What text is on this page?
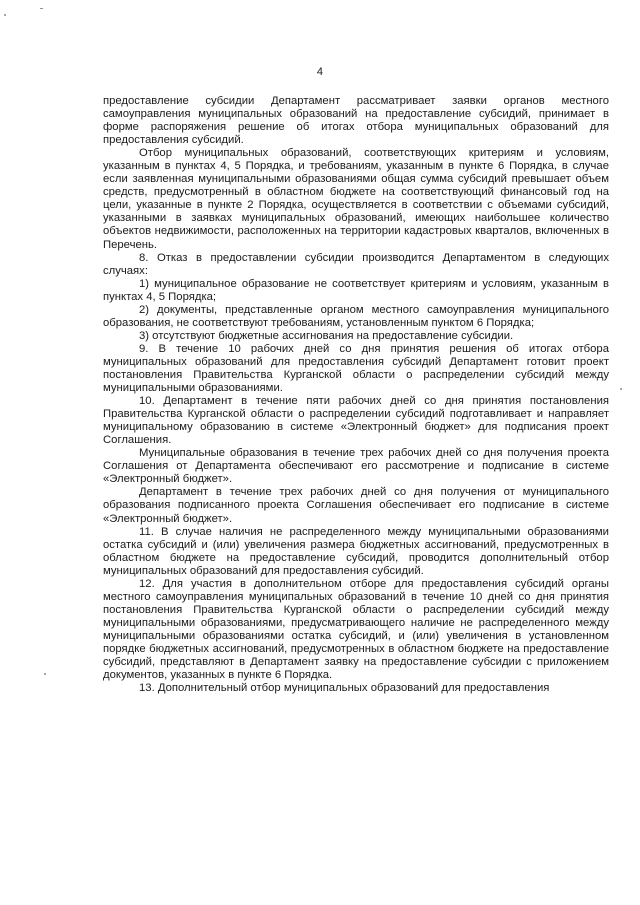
4

предоставление субсидии Департамент рассматривает заявки органов местного самоуправления муниципальных образований на предоставление субсидий, принимает в форме распоряжения решение об итогах отбора муниципальных образований для предоставления субсидий.

Отбор муниципальных образований, соответствующих критериям и условиям, указанным в пунктах 4, 5 Порядка, и требованиям, указанным в пункте 6 Порядка, в случае если заявленная муниципальными образованиями общая сумма субсидий превышает объем средств, предусмотренный в областном бюджете на соответствующий финансовый год на цели, указанные в пункте 2 Порядка, осуществляется в соответствии с объемами субсидий, указанными в заявках муниципальных образований, имеющих наибольшее количество объектов недвижимости, расположенных на территории кадастровых кварталов, включенных в Перечень.

8. Отказ в предоставлении субсидии производится Департаментом в следующих случаях:

1) муниципальное образование не соответствует критериям и условиям, указанным в пунктах 4, 5 Порядка;

2) документы, представленные органом местного самоуправления муниципального образования, не соответствуют требованиям, установленным пунктом 6 Порядка;

3) отсутствуют бюджетные ассигнования на предоставление субсидии.

9. В течение 10 рабочих дней со дня принятия решения об итогах отбора муниципальных образований для предоставления субсидий Департамент готовит проект постановления Правительства Курганской области о распределении субсидий между муниципальными образованиями.

10. Департамент в течение пяти рабочих дней со дня принятия постановления Правительства Курганской области о распределении субсидий подготавливает и направляет муниципальному образованию в системе «Электронный бюджет» для подписания проект Соглашения.

Муниципальные образования в течение трех рабочих дней со дня получения проекта Соглашения от Департамента обеспечивают его рассмотрение и подписание в системе «Электронный бюджет».

Департамент в течение трех рабочих дней со дня получения от муниципального образования подписанного проекта Соглашения обеспечивает его подписание в системе «Электронный бюджет».

11. В случае наличия не распределенного между муниципальными образованиями остатка субсидий и (или) увеличения размера бюджетных ассигнований, предусмотренных в областном бюджете на предоставление субсидий, проводится дополнительный отбор муниципальных образований для предоставления субсидий.

12. Для участия в дополнительном отборе для предоставления субсидий органы местного самоуправления муниципальных образований в течение 10 дней со дня принятия постановления Правительства Курганской области о распределении субсидий между муниципальными образованиями, предусматривающего наличие не распределенного между муниципальными образованиями остатка субсидий, и (или) увеличения в установленном порядке бюджетных ассигнований, предусмотренных в областном бюджете на предоставление субсидий, представляют в Департамент заявку на предоставление субсидии с приложением документов, указанных в пункте 6 Порядка.

13. Дополнительный отбор муниципальных образований для предоставления
